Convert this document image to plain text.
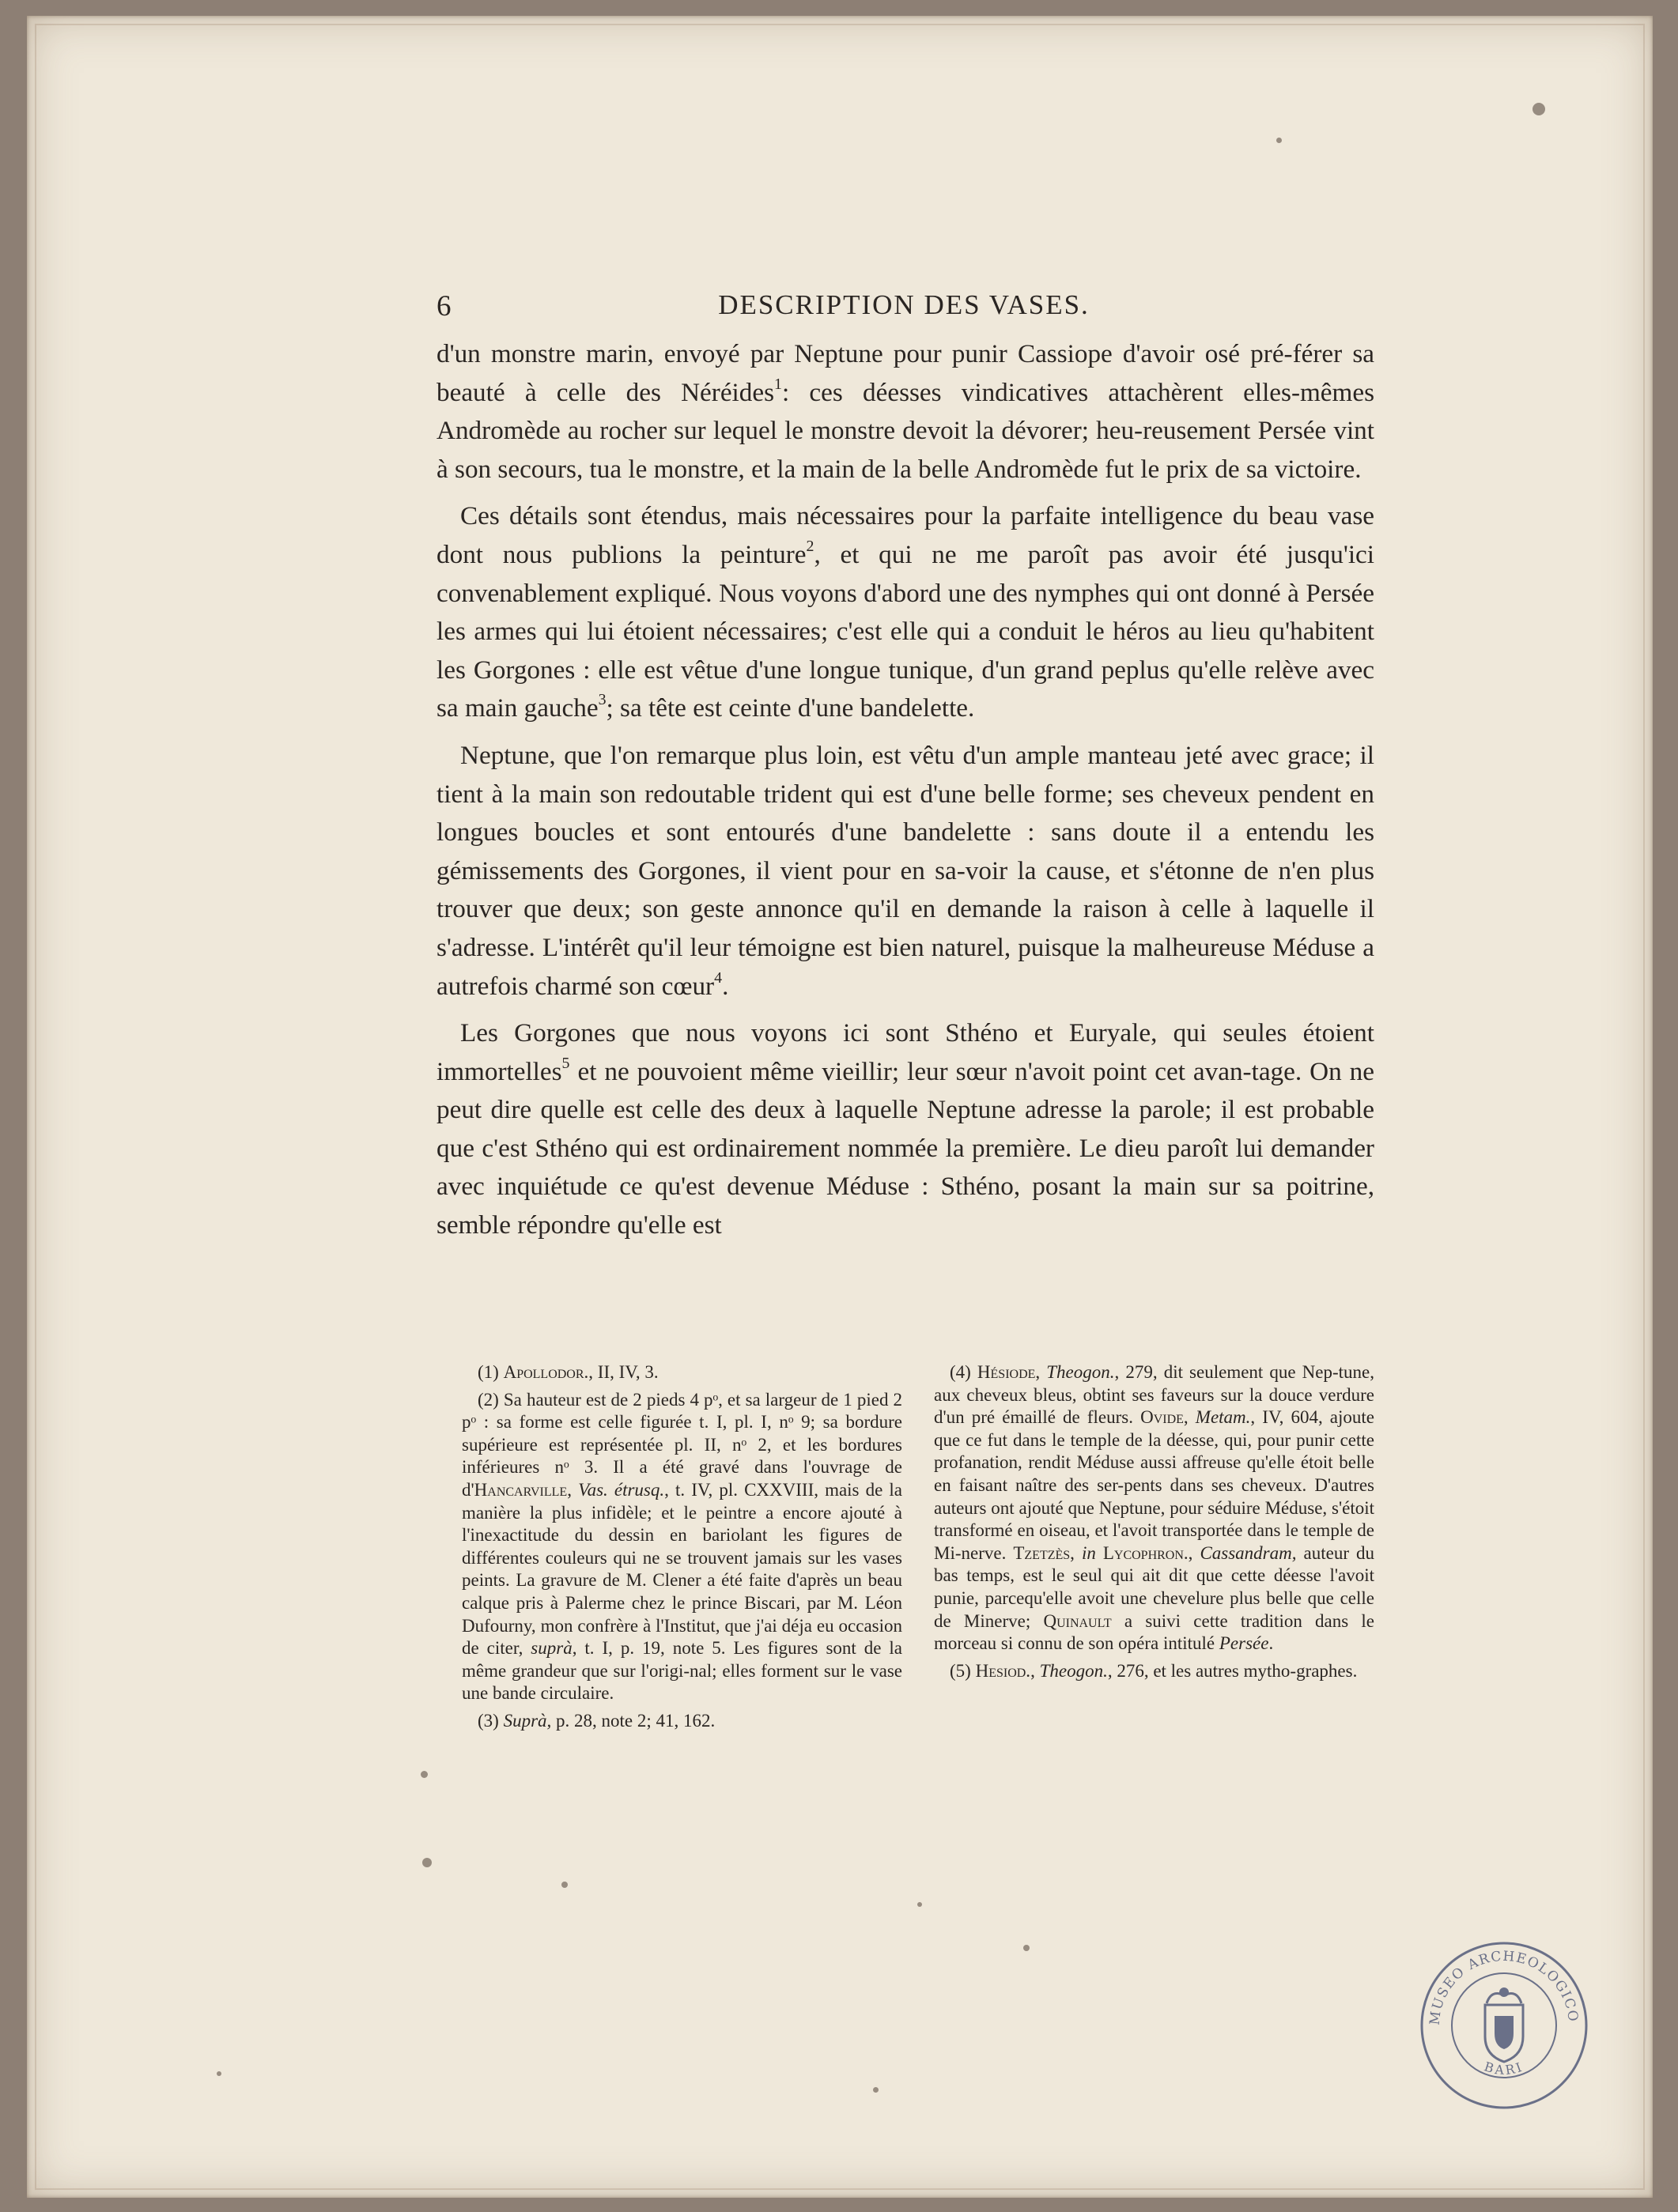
6	DESCRIPTION DES VASES.

d'un monstre marin, envoyé par Neptune pour punir Cassiope d'avoir osé pré-férer sa beauté à celle des Néréides$^1$: ces déesses vindicatives attachèrent elles-mêmes Andromède au rocher sur lequel le monstre devoit la dévorer; heu-reusement Persée vint à son secours, tua le monstre, et la main de la belle Andromède fut le prix de sa victoire.

Ces détails sont étendus, mais nécessaires pour la parfaite intelligence du beau vase dont nous publions la peinture$^2$, et qui ne me paroît pas avoir été jusqu'ici convenablement expliqué. Nous voyons d'abord une des nymphes qui ont donné à Persée les armes qui lui étoient nécessaires; c'est elle qui a conduit le héros au lieu qu'habitent les Gorgones : elle est vêtue d'une longue tunique, d'un grand peplus qu'elle relève avec sa main gauche$^3$; sa tête est ceinte d'une bandelette.

Neptune, que l'on remarque plus loin, est vêtu d'un ample manteau jeté avec grace; il tient à la main son redoutable trident qui est d'une belle forme; ses cheveux pendent en longues boucles et sont entourés d'une bandelette : sans doute il a entendu les gémissements des Gorgones, il vient pour en sa-voir la cause, et s'étonne de n'en plus trouver que deux; son geste annonce qu'il en demande la raison à celle à laquelle il s'adresse. L'intérêt qu'il leur témoigne est bien naturel, puisque la malheureuse Méduse a autrefois charmé son cœur$^4$.

Les Gorgones que nous voyons ici sont Sthéno et Euryale, qui seules étoient immortelles$^5$ et ne pouvoient même vieillir; leur sœur n'avoit point cet avan-tage. On ne peut dire quelle est celle des deux à laquelle Neptune adresse la parole; il est probable que c'est Sthéno qui est ordinairement nommée la première. Le dieu paroît lui demander avec inquiétude ce qu'est devenue Méduse : Sthéno, posant la main sur sa poitrine, semble répondre qu'elle est

(1) Apollodor., II, IV, 3.

(2) Sa hauteur est de 2 pieds 4 pᵒ, et sa largeur de 1 pied 2 pᵒ : sa forme est celle figurée t. I, pl. I, nᵒ 9; sa bordure supérieure est représentée pl. II, nᵒ 2, et les bordures inférieures nᵒ 3. Il a été gravé dans l'ouvrage de d'Hancarville, Vas. étrusq., t. IV, pl. CXXVIII, mais de la manière la plus infidèle; et le peintre a encore ajouté à l'inexactitude du dessin en bariolant les figures de différentes couleurs qui ne se trouvent jamais sur les vases peints. La gravure de M. Clener a été faite d'après un beau calque pris à Palerme chez le prince Biscari, par M. Léon Dufourny, mon confrère à l'Institut, que j'ai déja eu occasion de citer, suprà, t. I, p. 19, note 5. Les figures sont de la même grandeur que sur l'origi-nal; elles forment sur le vase une bande circulaire.

(3) Suprà, p. 28, note 2; 41, 162.

(4) Hésiode, Theogon., 279, dit seulement que Nep-tune, aux cheveux bleus, obtint ses faveurs sur la douce verdure d'un pré émaillé de fleurs. Ovide, Metam., IV, 604, ajoute que ce fut dans le temple de la déesse, qui, pour punir cette profanation, rendit Méduse aussi affreuse qu'elle étoit belle en faisant naître des ser-pents dans ses cheveux. D'autres auteurs ont ajouté que Neptune, pour séduire Méduse, s'étoit transformé en oiseau, et l'avoit transportée dans le temple de Mi-nerve. Tzetzès, in Lycophron., Cassandram, auteur du bas temps, est le seul qui ait dit que cette déesse l'avoit punie, parcequ'elle avoit une chevelure plus belle que celle de Minerve; Quinault a suivi cette tradition dans le morceau si connu de son opéra intitulé Persée.

(5) Hesiod., Theogon., 276, et les autres mytho-graphes.

MUSEO ARCHEOLOGICO
BARI
